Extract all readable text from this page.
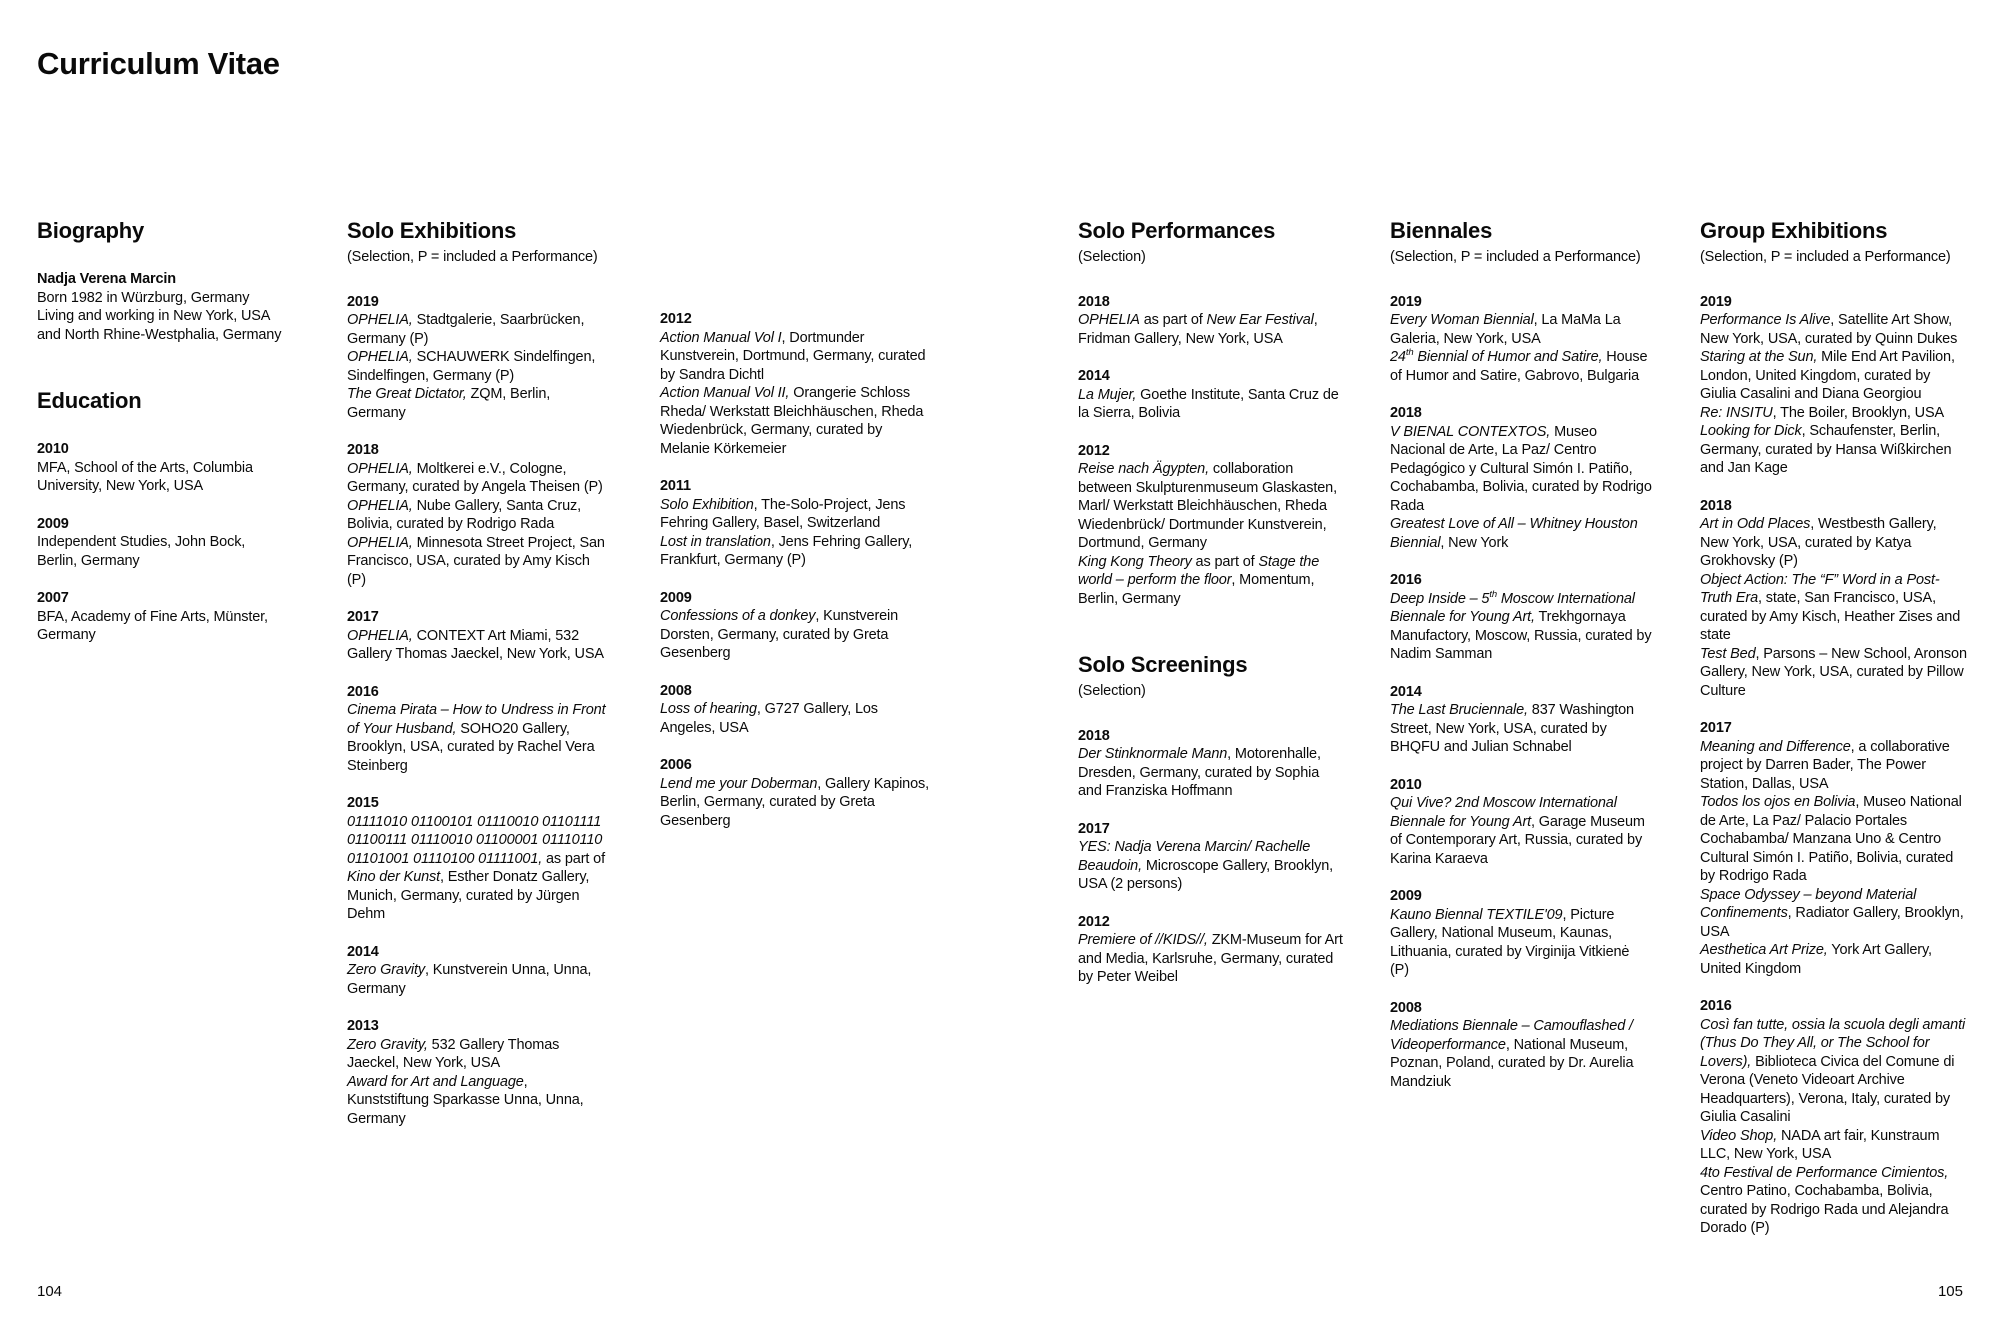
Curriculum Vitae
Biography
Nadja Verena Marcin
Born 1982 in Würzburg, Germany
Living and working in New York, USA
and North Rhine-Westphalia, Germany
Education
2010
MFA, School of the Arts, Columbia University, New York, USA
2009
Independent Studies, John Bock, Berlin, Germany
2007
BFA, Academy of Fine Arts, Münster, Germany
Solo Exhibitions
(Selection, P = included a Performance)
2019
OPHELIA, Stadtgalerie, Saarbrücken, Germany (P)
OPHELIA, SCHAUWERK Sindelfingen, Sindelfingen, Germany (P)
The Great Dictator, ZQM, Berlin, Germany
2018
OPHELIA, Moltkerei e.V., Cologne, Germany, curated by Angela Theisen (P)
OPHELIA, Nube Gallery, Santa Cruz, Bolivia, curated by Rodrigo Rada
OPHELIA, Minnesota Street Project, San Francisco, USA, curated by Amy Kisch (P)
2017
OPHELIA, CONTEXT Art Miami, 532 Gallery Thomas Jaeckel, New York, USA
2016
Cinema Pirata – How to Undress in Front of Your Husband, SOHO20 Gallery, Brooklyn, USA, curated by Rachel Vera Steinberg
2015
01111010 01100101 01110010 01101111 01100111 01110010 01100001 01110110 01101001 01110100 01111001, as part of Kino der Kunst, Esther Donatz Gallery, Munich, Germany, curated by Jürgen Dehm
2014
Zero Gravity, Kunstverein Unna, Unna, Germany
2013
Zero Gravity, 532 Gallery Thomas Jaeckel, New York, USA
Award for Art and Language, Kunststiftung Sparkasse Unna, Unna, Germany
2012
Action Manual Vol I, Dortmunder Kunstverein, Dortmund, Germany, curated by Sandra Dichtl
Action Manual Vol II, Orangerie Schloss Rheda/ Werkstatt Bleichhäuschen, Rheda Wiedenbrück, Germany, curated by Melanie Körkemeier
2011
Solo Exhibition, The-Solo-Project, Jens Fehring Gallery, Basel, Switzerland
Lost in translation, Jens Fehring Gallery, Frankfurt, Germany (P)
2009
Confessions of a donkey, Kunstverein Dorsten, Germany, curated by Greta Gesenberg
2008
Loss of hearing, G727 Gallery, Los Angeles, USA
2006
Lend me your Doberman, Gallery Kapinos, Berlin, Germany, curated by Greta Gesenberg
Solo Performances
(Selection)
2018
OPHELIA as part of New Ear Festival, Fridman Gallery, New York, USA
2014
La Mujer, Goethe Institute, Santa Cruz de la Sierra, Bolivia
2012
Reise nach Ägypten, collaboration between Skulpturenmuseum Glaskasten, Marl/ Werkstatt Bleichhäuschen, Rheda Wiedenbrück/ Dortmunder Kunstverein, Dortmund, Germany
King Kong Theory as part of Stage the world – perform the floor, Momentum, Berlin, Germany
Solo Screenings
(Selection)
2018
Der Stinknormale Mann, Motorenhalle, Dresden, Germany, curated by Sophia and Franziska Hoffmann
2017
YES: Nadja Verena Marcin/ Rachelle Beaudoin, Microscope Gallery, Brooklyn, USA (2 persons)
2012
Premiere of //KIDS//, ZKM-Museum for Art and Media, Karlsruhe, Germany, curated by Peter Weibel
Biennales
(Selection, P = included a Performance)
2019
Every Woman Biennial, La MaMa La Galeria, New York, USA
24th Biennial of Humor and Satire, House of Humor and Satire, Gabrovo, Bulgaria
2018
V BIENAL CONTEXTOS, Museo Nacional de Arte, La Paz/ Centro Pedagógico y Cultural Simón I. Patiño, Cochabamba, Bolivia, curated by Rodrigo Rada
Greatest Love of All – Whitney Houston Biennial, New York
2016
Deep Inside – 5th Moscow International Biennale for Young Art, Trekhgornaya Manufactory, Moscow, Russia, curated by Nadim Samman
2014
The Last Bruciennale, 837 Washington Street, New York, USA, curated by BHQFU and Julian Schnabel
2010
Qui Vive? 2nd Moscow International Biennale for Young Art, Garage Museum of Contemporary Art, Russia, curated by Karina Karaeva
2009
Kauno Biennal TEXTILE'09, Picture Gallery, National Museum, Kaunas, Lithuania, curated by Virginija Vitkienė (P)
2008
Mediations Biennale – Camouflashed / Videoperformance, National Museum, Poznan, Poland, curated by Dr. Aurelia Mandziuk
Group Exhibitions
(Selection, P = included a Performance)
2019
Performance Is Alive, Satellite Art Show, New York, USA, curated by Quinn Dukes
Staring at the Sun, Mile End Art Pavilion, London, United Kingdom, curated by Giulia Casalini and Diana Georgiou
Re: INSITU, The Boiler, Brooklyn, USA
Looking for Dick, Schaufenster, Berlin, Germany, curated by Hansa Wißkirchen and Jan Kage
2018
Art in Odd Places, Westbesth Gallery, New York, USA, curated by Katya Grokhovsky (P)
Object Action: The “F” Word in a Post-Truth Era, state, San Francisco, USA, curated by Amy Kisch, Heather Zises and state
Test Bed, Parsons – New School, Aronson Gallery, New York, USA, curated by Pillow Culture
2017
Meaning and Difference, a collaborative project by Darren Bader, The Power Station, Dallas, USA
Todos los ojos en Bolivia, Museo National de Arte, La Paz/ Palacio Portales Cochabamba/ Manzana Uno & Centro Cultural Simón I. Patiño, Bolivia, curated by Rodrigo Rada
Space Odyssey – beyond Material Confinements, Radiator Gallery, Brooklyn, USA
Aesthetica Art Prize, York Art Gallery, United Kingdom
2016
Così fan tutte, ossia la scuola degli amanti (Thus Do They All, or The School for Lovers), Biblioteca Civica del Comune di Verona (Veneto Videoart Archive Headquarters), Verona, Italy, curated by Giulia Casalini
Video Shop, NADA art fair, Kunstraum LLC, New York, USA
4to Festival de Performance Cimientos, Centro Patino, Cochabamba, Bolivia, curated by Rodrigo Rada und Alejandra Dorado (P)
104	105
